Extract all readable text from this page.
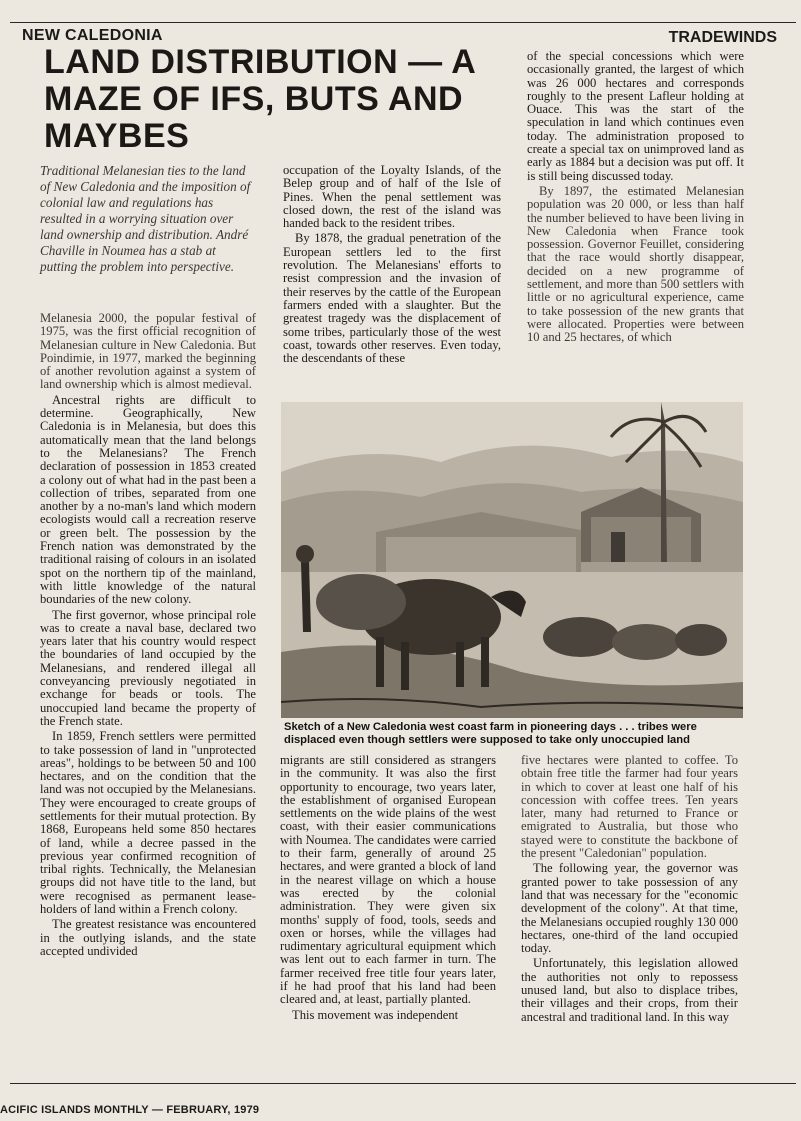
NEW CALEDONIA	TRADEWINDS
LAND DISTRIBUTION — A MAZE OF IFS, BUTS AND MAYBES

Traditional Melanesian ties to the land of New Caledonia and the imposition of colonial law and regulations has resulted in a worrying situation over land ownership and distribution. André Chaville in Noumea has a stab at putting the problem into perspective.

Melanesia 2000, the popular festival of 1975, was the first official recognition of Melanesian culture in New Caledonia. But Poindimie, in 1977, marked the beginning of another revolution against a system of land ownership which is almost medieval.

Ancestral rights are difficult to determine. Geographically, New Caledonia is in Melanesia, but does this automatically mean that the land belongs to the Melanesians? The French declaration of possession in 1853 created a colony out of what had in the past been a collection of tribes, separated from one another by a no-man's land which modern ecologists would call a recreation reserve or green belt. The possession by the French nation was demonstrated by the traditional raising of colours in an isolated spot on the northern tip of the mainland, with little knowledge of the natural boundaries of the new colony.

The first governor, whose principal role was to create a naval base, declared two years later that his country would respect the boundaries of land occupied by the Melanesians, and rendered illegal all conveyancing previously negotiated in exchange for beads or tools. The unoccupied land became the property of the French state.

In 1859, French settlers were permitted to take possession of land in "unprotected areas", holdings to be between 50 and 100 hectares, and on the condition that the land was not occupied by the Melanesians. They were encouraged to create groups of settlements for their mutual protection. By 1868, Europeans held some 850 hectares of land, while a decree passed in the previous year confirmed recognition of tribal rights. Technically, the Melanesian groups did not have title to the land, but were recognised as permanent lease-holders of land within a French colony.

The greatest resistance was encountered in the outlying islands, and the state accepted undivided

occupation of the Loyalty Islands, of the Belep group and of half of the Isle of Pines. When the penal settlement was closed down, the rest of the island was handed back to the resident tribes.

By 1878, the gradual penetration of the European settlers led to the first revolution. The Melanesians' efforts to resist compression and the invasion of their reserves by the cattle of the European farmers ended with a slaughter. But the greatest tragedy was the displacement of some tribes, particularly those of the west coast, towards other reserves. Even today, the descendants of these

of the special concessions which were occasionally granted, the largest of which was 26 000 hectares and corresponds roughly to the present Lafleur holding at Ouace. This was the start of the speculation in land which continues even today. The administration proposed to create a special tax on unimproved land as early as 1884 but a decision was put off. It is still being discussed today.

By 1897, the estimated Melanesian population was 20 000, or less than half the number believed to have been living in New Caledonia when France took possession. Governor Feuillet, considering that the race would shortly disappear, decided on a new programme of settlement, and more than 500 settlers with little or no agricultural experience, came to take possession of the new grants that were allocated. Properties were between 10 and 25 hectares, of which

Sketch of a New Caledonia west coast farm in pioneering days . . . tribes were displaced even though settlers were supposed to take only unoccupied land

migrants are still considered as strangers in the community. It was also the first opportunity to encourage, two years later, the establishment of organised European settlements on the wide plains of the west coast, with their easier communications with Noumea. The candidates were carried to their farm, generally of around 25 hectares, and were granted a block of land in the nearest village on which a house was erected by the colonial administration. They were given six months' supply of food, tools, seeds and oxen or horses, while the villages had rudimentary agricultural equipment which was lent out to each farmer in turn. The farmer received free title four years later, if he had proof that his land had been cleared and, at least, partially planted.

This movement was independent

five hectares were planted to coffee. To obtain free title the farmer had four years in which to cover at least one half of his concession with coffee trees. Ten years later, many had returned to France or emigrated to Australia, but those who stayed were to constitute the backbone of the present "Caledonian" population.

The following year, the governor was granted power to take possession of any land that was necessary for the "economic development of the colony". At that time, the Melanesians occupied roughly 130 000 hectares, one-third of the land occupied today.

Unfortunately, this legislation allowed the authorities not only to repossess unused land, but also to displace tribes, their villages and their crops, from their ancestral and traditional land. In this way

ACIFIC ISLANDS MONTHLY — FEBRUARY, 1979
